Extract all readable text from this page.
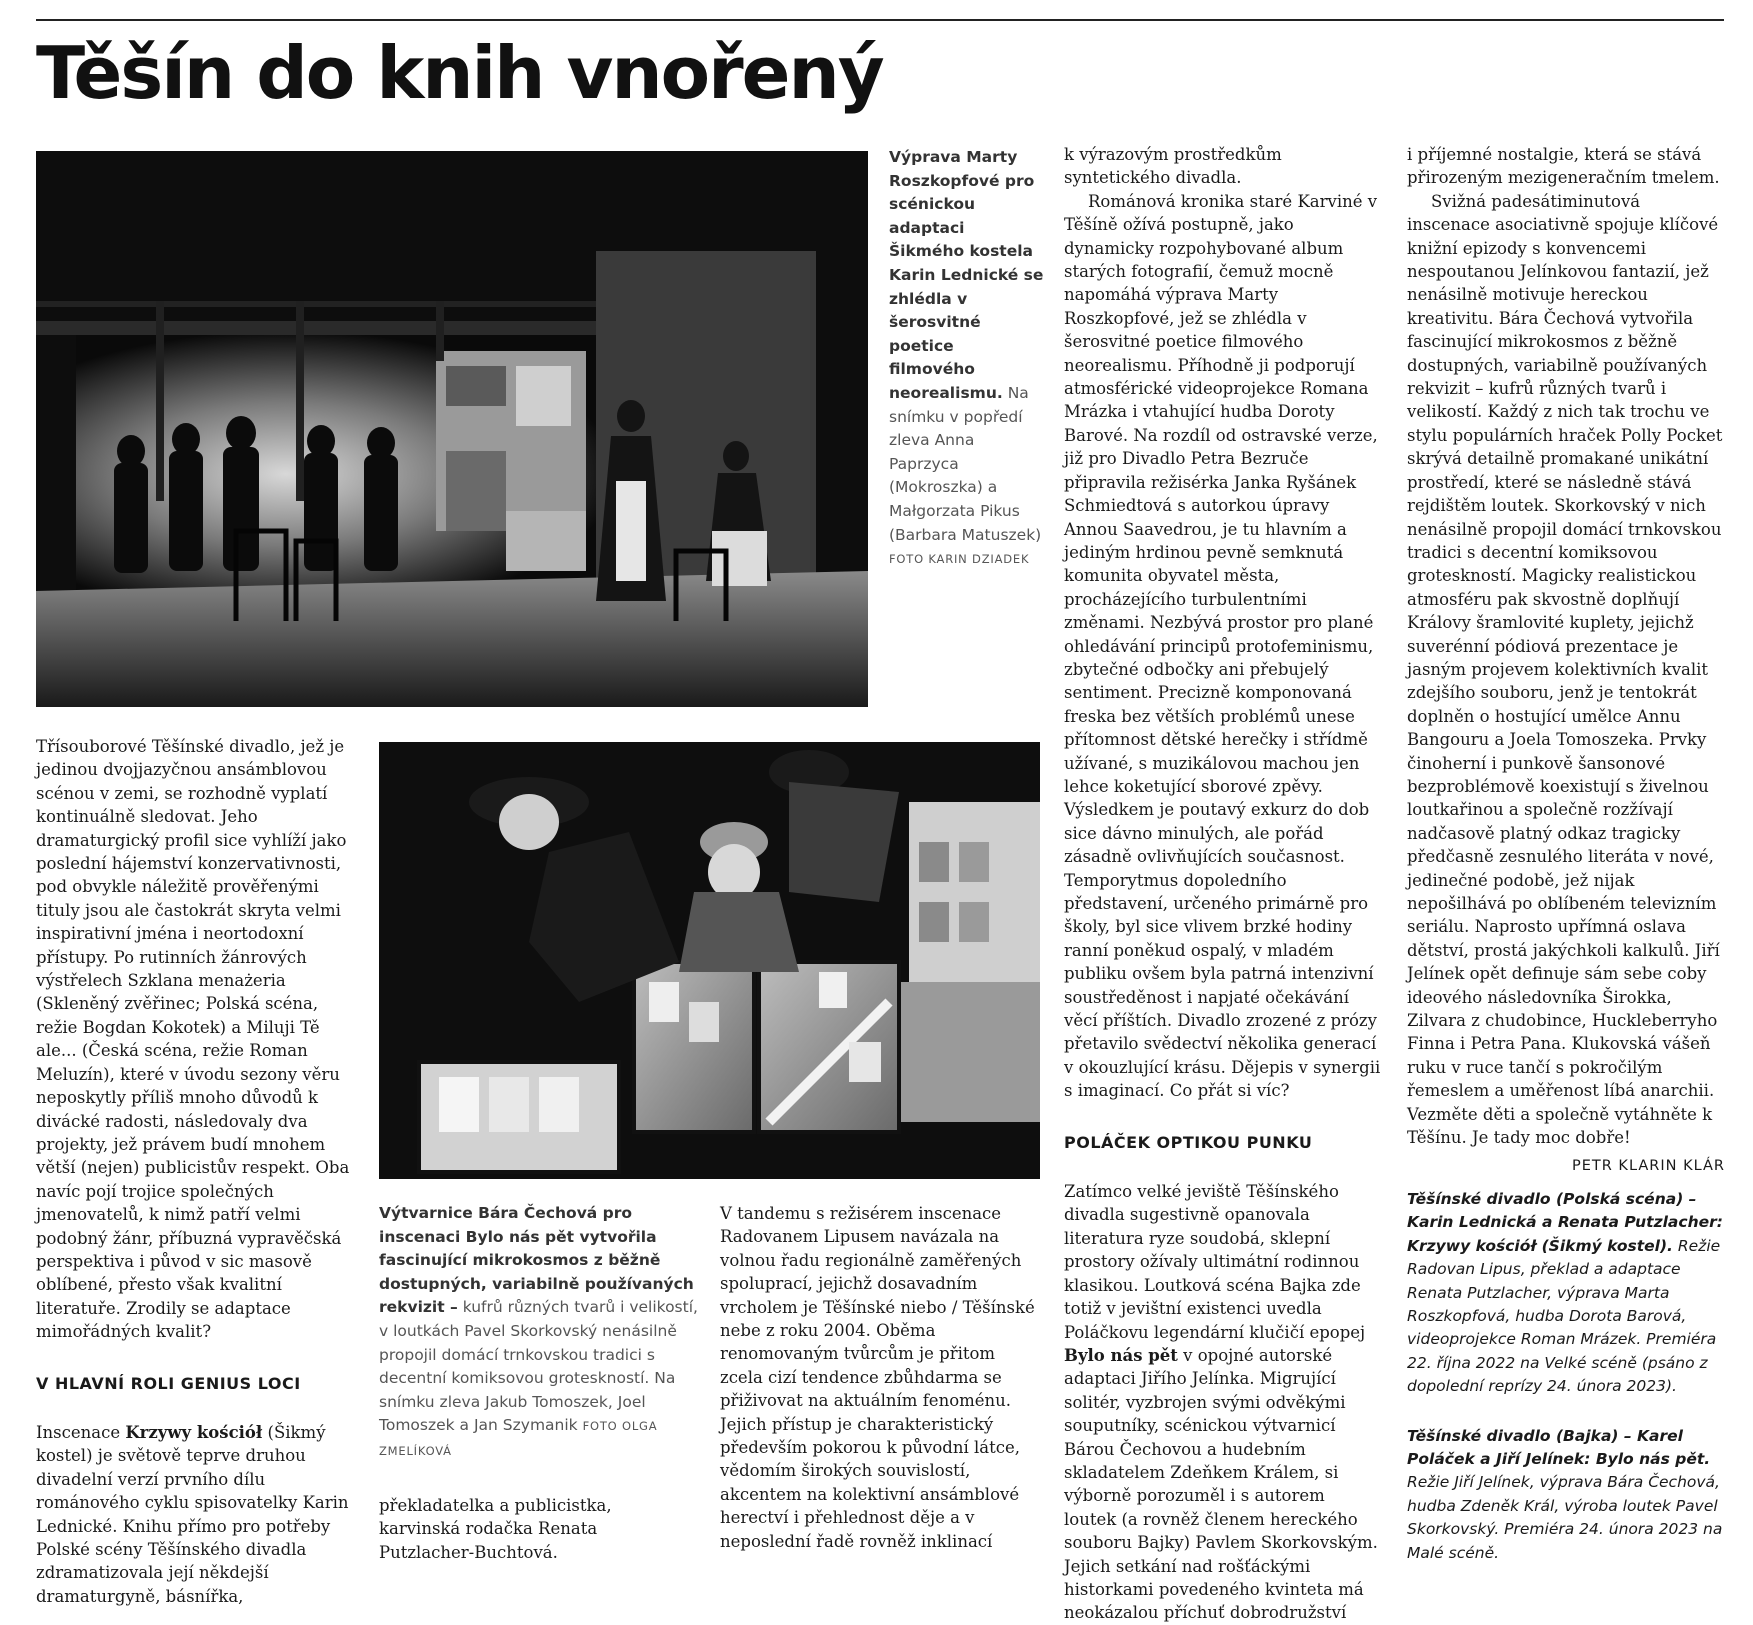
Těšín do knih vnořený
Výprava Marty Roszkopfové pro scénickou adaptaci Šikmého kostela Karin Lednické se zhlédla v šerosvitné poetice filmového neorealismu. Na snímku v popředí zleva Anna Paprzyca (Mokroszka) a Małgorzata Pikus (Barbara Matuszek) FOTO KARIN DZIADEK
Výtvarnice Bára Čechová pro inscenaci Bylo nás pět vytvořila fascinující mikrokosmos z běžně dostupných, variabilně používaných rekvizit – kufrů různých tvarů i velikostí, v loutkách Pavel Skorkovský nenásilně propojil domácí trnkovskou tradici s decentní komiksovou groteskností. Na snímku zleva Jakub Tomoszek, Joel Tomoszek a Jan Szymanik FOTO OLGA ZMELÍKOVÁ

Třísouborové Těšínské divadlo, jež je jedinou dvojjazyčnou ansámblovou scénou v zemi, se rozhodně vyplatí kontinuálně sledovat. Jeho dramaturgický profil sice vyhlíží jako poslední hájemství konzervativnosti, pod obvykle náležitě prověřenými tituly jsou ale častokrát skryta velmi inspirativní jména i neortodoxní přístupy. Po rutinních žánrových výstřelech Szklana menażeria (Skleněný zvěřinec; Polská scéna, režie Bogdan Kokotek) a Miluji Tě ale... (Česká scéna, režie Roman Meluzín), které v úvodu sezony věru neposkytly příliš mnoho důvodů k divácké radosti, následovaly dva projekty, jež právem budí mnohem větší (nejen) publicistův respekt. Oba navíc pojí trojice společných jmenovatelů, k nimž patří velmi podobný žánr, příbuzná vypravěčská perspektiva i původ v sic masově oblíbené, přesto však kvalitní literatuře. Zrodily se adaptace mimořádných kvalit?

V HLAVNÍ ROLI GENIUS LOCI

Inscenace Krzywy kościół (Šikmý kostel) je světově teprve druhou divadelní verzí prvního dílu románového cyklu spisovatelky Karin Lednické. Knihu přímo pro potřeby Polské scény Těšínského divadla zdramatizovala její někdejší dramaturgyně, básnířka,

překladatelka a publicistka, karvinská rodačka Renata Putzlacher-Buchtová.

V tandemu s režisérem inscenace Radovanem Lipusem navázala na volnou řadu regionálně zaměřených spoluprací, jejichž dosavadním vrcholem je Těšínské niebo / Těšínské nebe z roku 2004. Oběma renomovaným tvůrcům je přitom zcela cizí tendence zbůhdarma se přiživovat na aktuálním fenoménu. Jejich přístup je charakteristický především pokorou k původní látce, vědomím širokých souvislostí, akcentem na kolektivní ansámblové herectví i přehlednost děje a v neposlední řadě rovněž inklinací

k výrazovým prostředkům syntetického divadla.

Románová kronika staré Karviné v Těšíně ožívá postupně, jako dynamicky rozpohybované album starých fotografií, čemuž mocně napomáhá výprava Marty Roszkopfové, jež se zhlédla v šerosvitné poetice filmového neorealismu. Příhodně ji podporují atmosférické videoprojekce Romana Mrázka i vtahující hudba Doroty Barové. Na rozdíl od ostravské verze, již pro Divadlo Petra Bezruče připravila režisérka Janka Ryšánek Schmiedtová s autorkou úpravy Annou Saavedrou, je tu hlavním a jediným hrdinou pevně semknutá komunita obyvatel města, procházejícího turbulentními změnami. Nezbývá prostor pro plané ohledávání principů protofeminismu, zbytečné odbočky ani přebujelý sentiment. Precizně komponovaná freska bez větších problémů unese přítomnost dětské herečky i střídmě užívané, s muzikálovou machou jen lehce koketující sborové zpěvy. Výsledkem je poutavý exkurz do dob sice dávno minulých, ale pořád zásadně ovlivňujících současnost. Temporytmus dopoledního představení, určeného primárně pro školy, byl sice vlivem brzké hodiny ranní poněkud ospalý, v mladém publiku ovšem byla patrná intenzivní soustředěnost i napjaté očekávání věcí příštích. Divadlo zrozené z prózy přetavilo svědectví několika generací v okouzlující krásu. Dějepis v synergii s imaginací. Co přát si víc?

POLÁČEK OPTIKOU PUNKU

Zatímco velké jeviště Těšínského divadla sugestivně opanovala literatura ryze soudobá, sklepní prostory ožívaly ultimátní rodinnou klasikou. Loutková scéna Bajka zde totiž v jevištní existenci uvedla Poláčkovu legendární klučičí epopej Bylo nás pět v opojné autorské adaptaci Jiřího Jelínka. Migrující solitér, vyzbrojen svými odvěkými souputníky, scénickou výtvarnicí Bárou Čechovou a hudebním skladatelem Zdeňkem Králem, si výborně porozuměl i s autorem loutek (a rovněž členem hereckého souboru Bajky) Pavlem Skorkovským. Jejich setkání nad rošťáckými historkami povedeného kvinteta má neokázalou příchuť dobrodružství

i příjemné nostalgie, která se stává přirozeným mezigeneračním tmelem.

Svižná padesátiminutová inscenace asociativně spojuje klíčové knižní epizody s konvencemi nespoutanou Jelínkovou fantazií, jež nenásilně motivuje hereckou kreativitu. Bára Čechová vytvořila fascinující mikrokosmos z běžně dostupných, variabilně používaných rekvizit – kufrů různých tvarů i velikostí. Každý z nich tak trochu ve stylu populárních hraček Polly Pocket skrývá detailně promakané unikátní prostředí, které se následně stává rejdištěm loutek. Skorkovský v nich nenásilně propojil domácí trnkovskou tradici s decentní komiksovou groteskností. Magicky realistickou atmosféru pak skvostně doplňují Královy šramlovité kuplety, jejichž suverénní pódiová prezentace je jasným projevem kolektivních kvalit zdejšího souboru, jenž je tentokrát doplněn o hostující umělce Annu Bangouru a Joela Tomoszeka. Prvky činoherní i punkově šansonové bezproblémově koexistují s živelnou loutkařinou a společně rozžívají nadčasově platný odkaz tragicky předčasně zesnulého literáta v nové, jedinečné podobě, jež nijak nepošilhává po oblíbeném televizním seriálu. Naprosto upřímná oslava dětství, prostá jakýchkoli kalkulů. Jiří Jelínek opět definuje sám sebe coby ideového následovníka Širokka, Zilvara z chudobince, Huckleberryho Finna i Petra Pana. Klukovská vášeň ruku v ruce tančí s pokročilým řemeslem a uměřenost líbá anarchii. Vezměte děti a společně vytáhněte k Těšínu. Je tady moc dobře!

PETR KLARIN KLÁR

Těšínské divadlo (Polská scéna) – Karin Lednická a Renata Putzlacher: Krzywy kościół (Šikmý kostel). Režie Radovan Lipus, překlad a adaptace Renata Putzlacher, výprava Marta Roszkopfová, hudba Dorota Barová, videoprojekce Roman Mrázek. Premiéra 22. října 2022 na Velké scéně (psáno z dopolední reprízy 24. února 2023).

Těšínské divadlo (Bajka) – Karel Poláček a Jiří Jelínek: Bylo nás pět. Režie Jiří Jelínek, výprava Bára Čechová, hudba Zdeněk Král, výroba loutek Pavel Skorkovský. Premiéra 24. února 2023 na Malé scéně.
